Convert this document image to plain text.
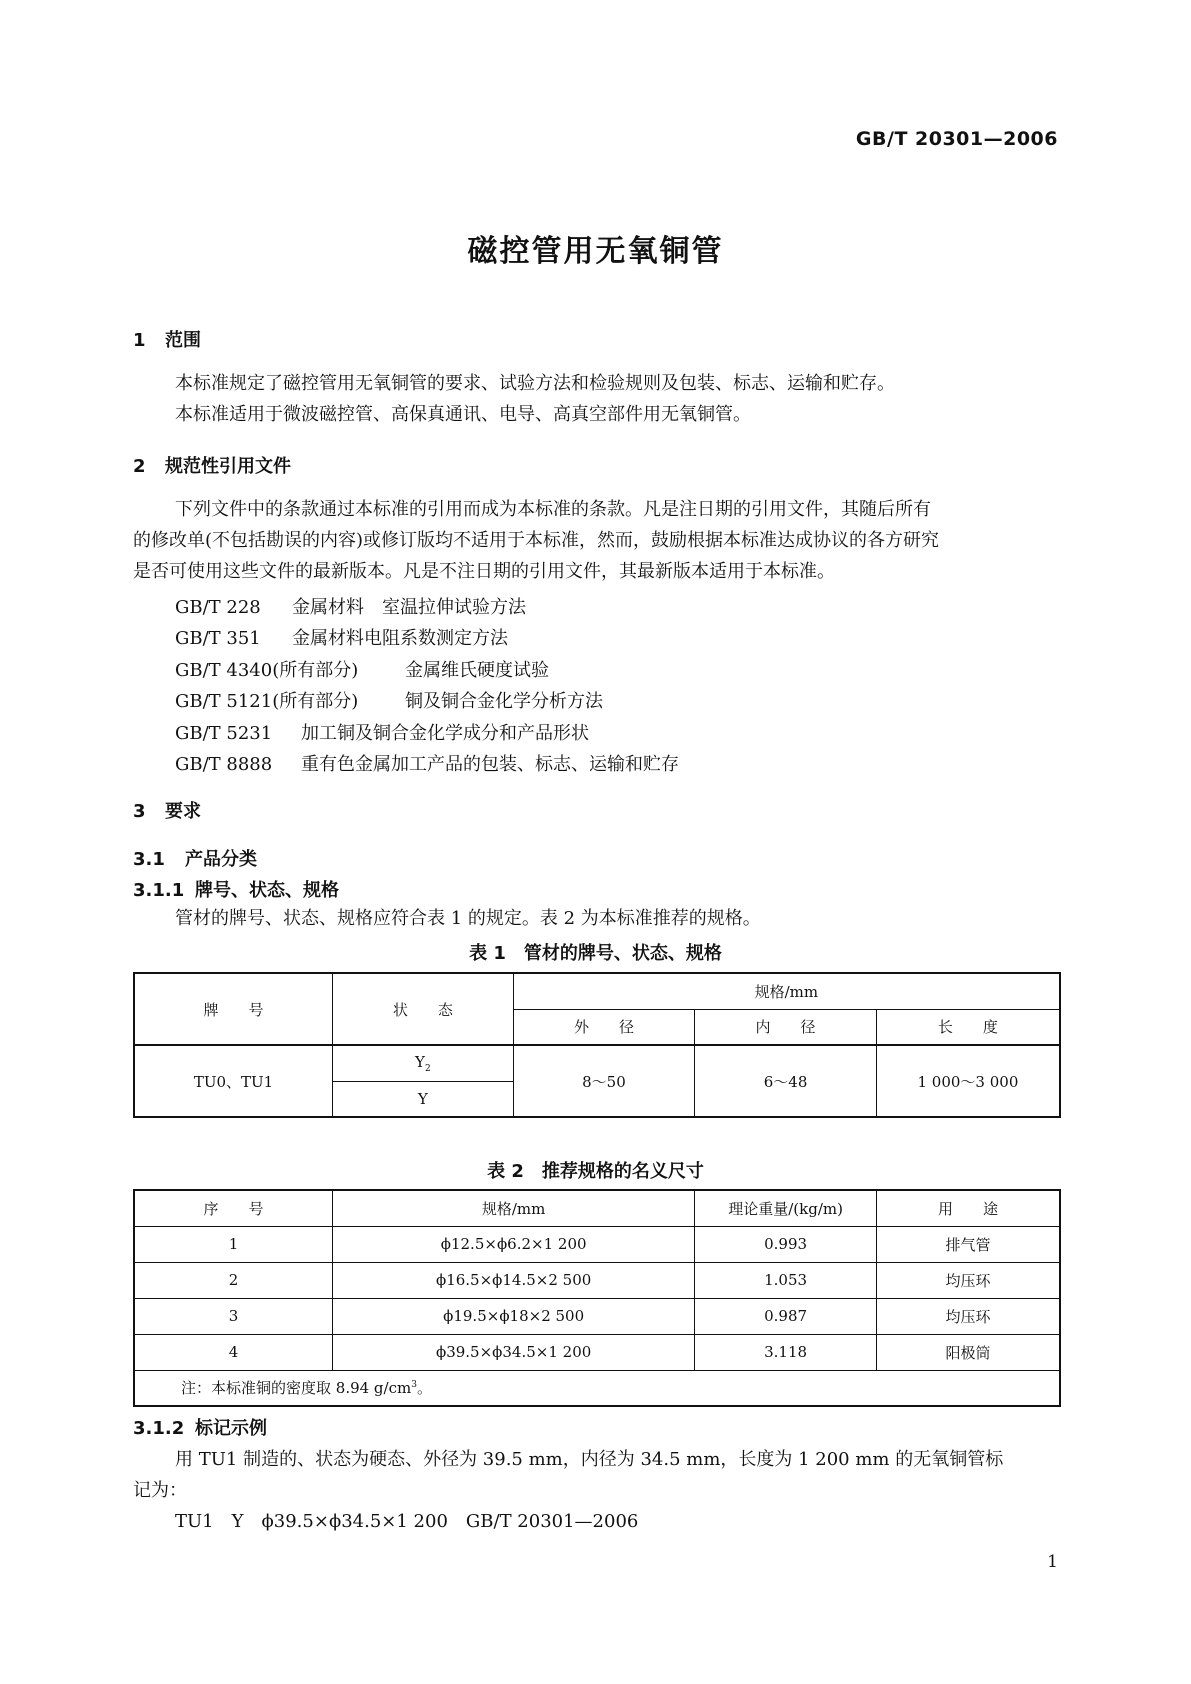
GB/T 20301—2006
磁控管用无氧铜管
1 范围
本标准规定了磁控管用无氧铜管的要求、试验方法和检验规则及包装、标志、运输和贮存。
本标准适用于微波磁控管、高保真通讯、电导、高真空部件用无氧铜管。
2 规范性引用文件
下列文件中的条款通过本标准的引用而成为本标准的条款。凡是注日期的引用文件，其随后所有
的修改单(不包括勘误的内容)或修订版均不适用于本标准，然而，鼓励根据本标准达成协议的各方研究
是否可使用这些文件的最新版本。凡是不注日期的引用文件，其最新版本适用于本标准。
GB/T 228 金属材料　室温拉伸试验方法
GB/T 351 金属材料电阻系数测定方法
GB/T 4340(所有部分)	金属维氏硬度试验
GB/T 5121(所有部分)	铜及铜合金化学分析方法
GB/T 5231 加工铜及铜合金化学成分和产品形状
GB/T 8888 重有色金属加工产品的包装、标志、运输和贮存
3 要求
3.1 产品分类
3.1.1 牌号、状态、规格
管材的牌号、状态、规格应符合表 1 的规定。表 2 为本标准推荐的规格。
表 1　管材的牌号、状态、规格
牌　　号	状　　态	规格/mm		
		外　　径	内　　径	长　　度
TU0、TU1	$Y_2$	8～50	6～48	1 000～3 000
	Y			
表 2　推荐规格的名义尺寸
序　　号	规格/mm	理论重量/(kg/m)	用　　途
1	ϕ12.5×ϕ6.2×1 200	0.993	排气管
2	ϕ16.5×ϕ14.5×2 500	1.053	均压环
3	ϕ19.5×ϕ18×2 500	0.987	均压环
4	ϕ39.5×ϕ34.5×1 200	3.118	阳极筒
注：本标准铜的密度取 8.94 $g/cm^3$。			
3.1.2 标记示例
用 TU1 制造的、状态为硬态、外径为 39.5 mm，内径为 34.5 mm，长度为 1 200 mm 的无氧铜管标
记为：
TU1　Y　ϕ39.5×ϕ34.5×1 200　GB/T 20301—2006
1
